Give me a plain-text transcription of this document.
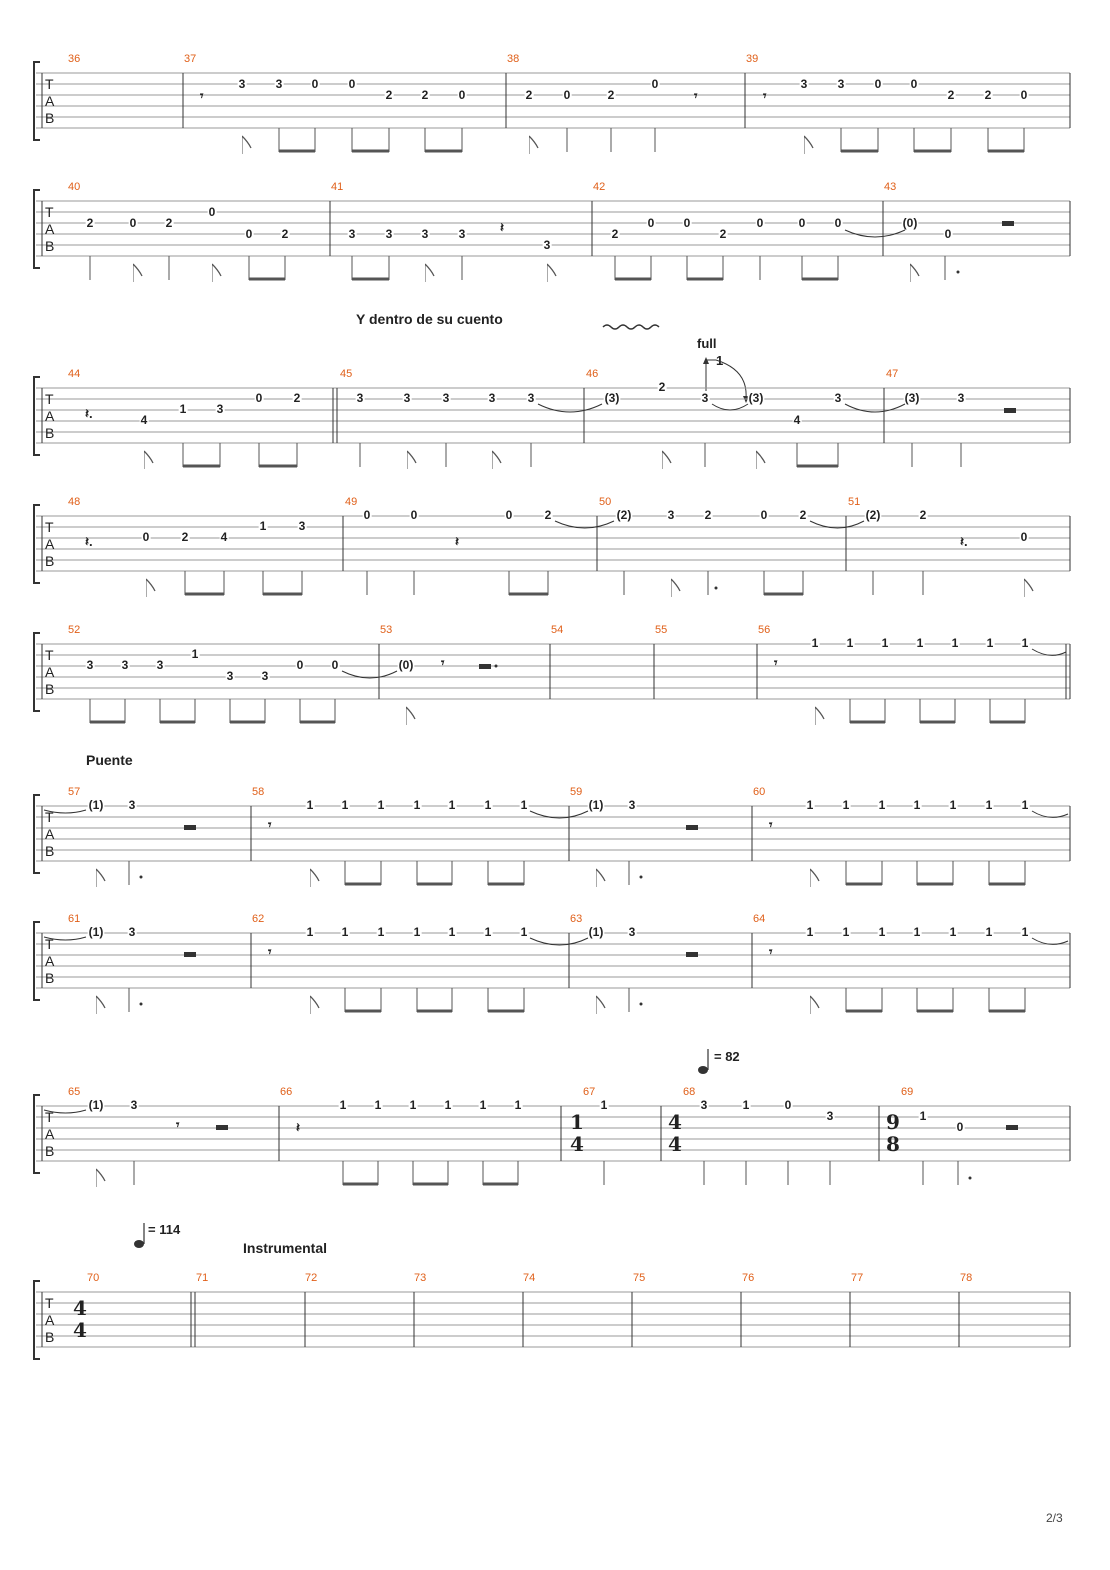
T
A
B
36	37	38	39
𝄾	𝄾	𝄾
3	3 0	0
2 2	0	2	0	2
0	3	3	0 0
2	2 0
T
A
B
40	41	42	43
𝄽
2	0 2
0
0 2	3	3 3	3
3
2
0 0
2
0	0 0	(0)
0
Y dentro de su cuento
full
1
T
A
B
44	45	46	47
𝄽.	4
1	3
0	2	3	3	3	3	3	(3)
2
3	(3)
4
3	(3)	3
T
A
B
48	49	50	51
𝄽.	𝄽	𝄽.
0	2	4
1	3
0	0	0	2	(2)	3	2	0	2	(2)	2
0
T
A
B
52	53	54	55	56
𝄾	𝄾
3 3 3
1
3 3
0 0	(0)
1 1 1 1 1 1 1
Puente
T
A
B
57	58	59	60
𝄾	𝄾
(1) 3	1 1 1 1 1 1 1	(1) 3	1 1 1 1 1 1 1
T
A
B
61	62	63	64
𝄾	𝄾
(1) 3	1 1 1 1 1 1 1	(1) 3	1 1 1 1 1 1 1
= 82
T
A
B
65	66	67	68	69
1
4
4
4
9
8
𝄾	𝄽
(1) 3	1 1 1 1 1 1	1	3	1	0
3	1
0
= 114
Instrumental
T
A
B
4
4
70	71	72	73	74	75	76	77	78
2/3
